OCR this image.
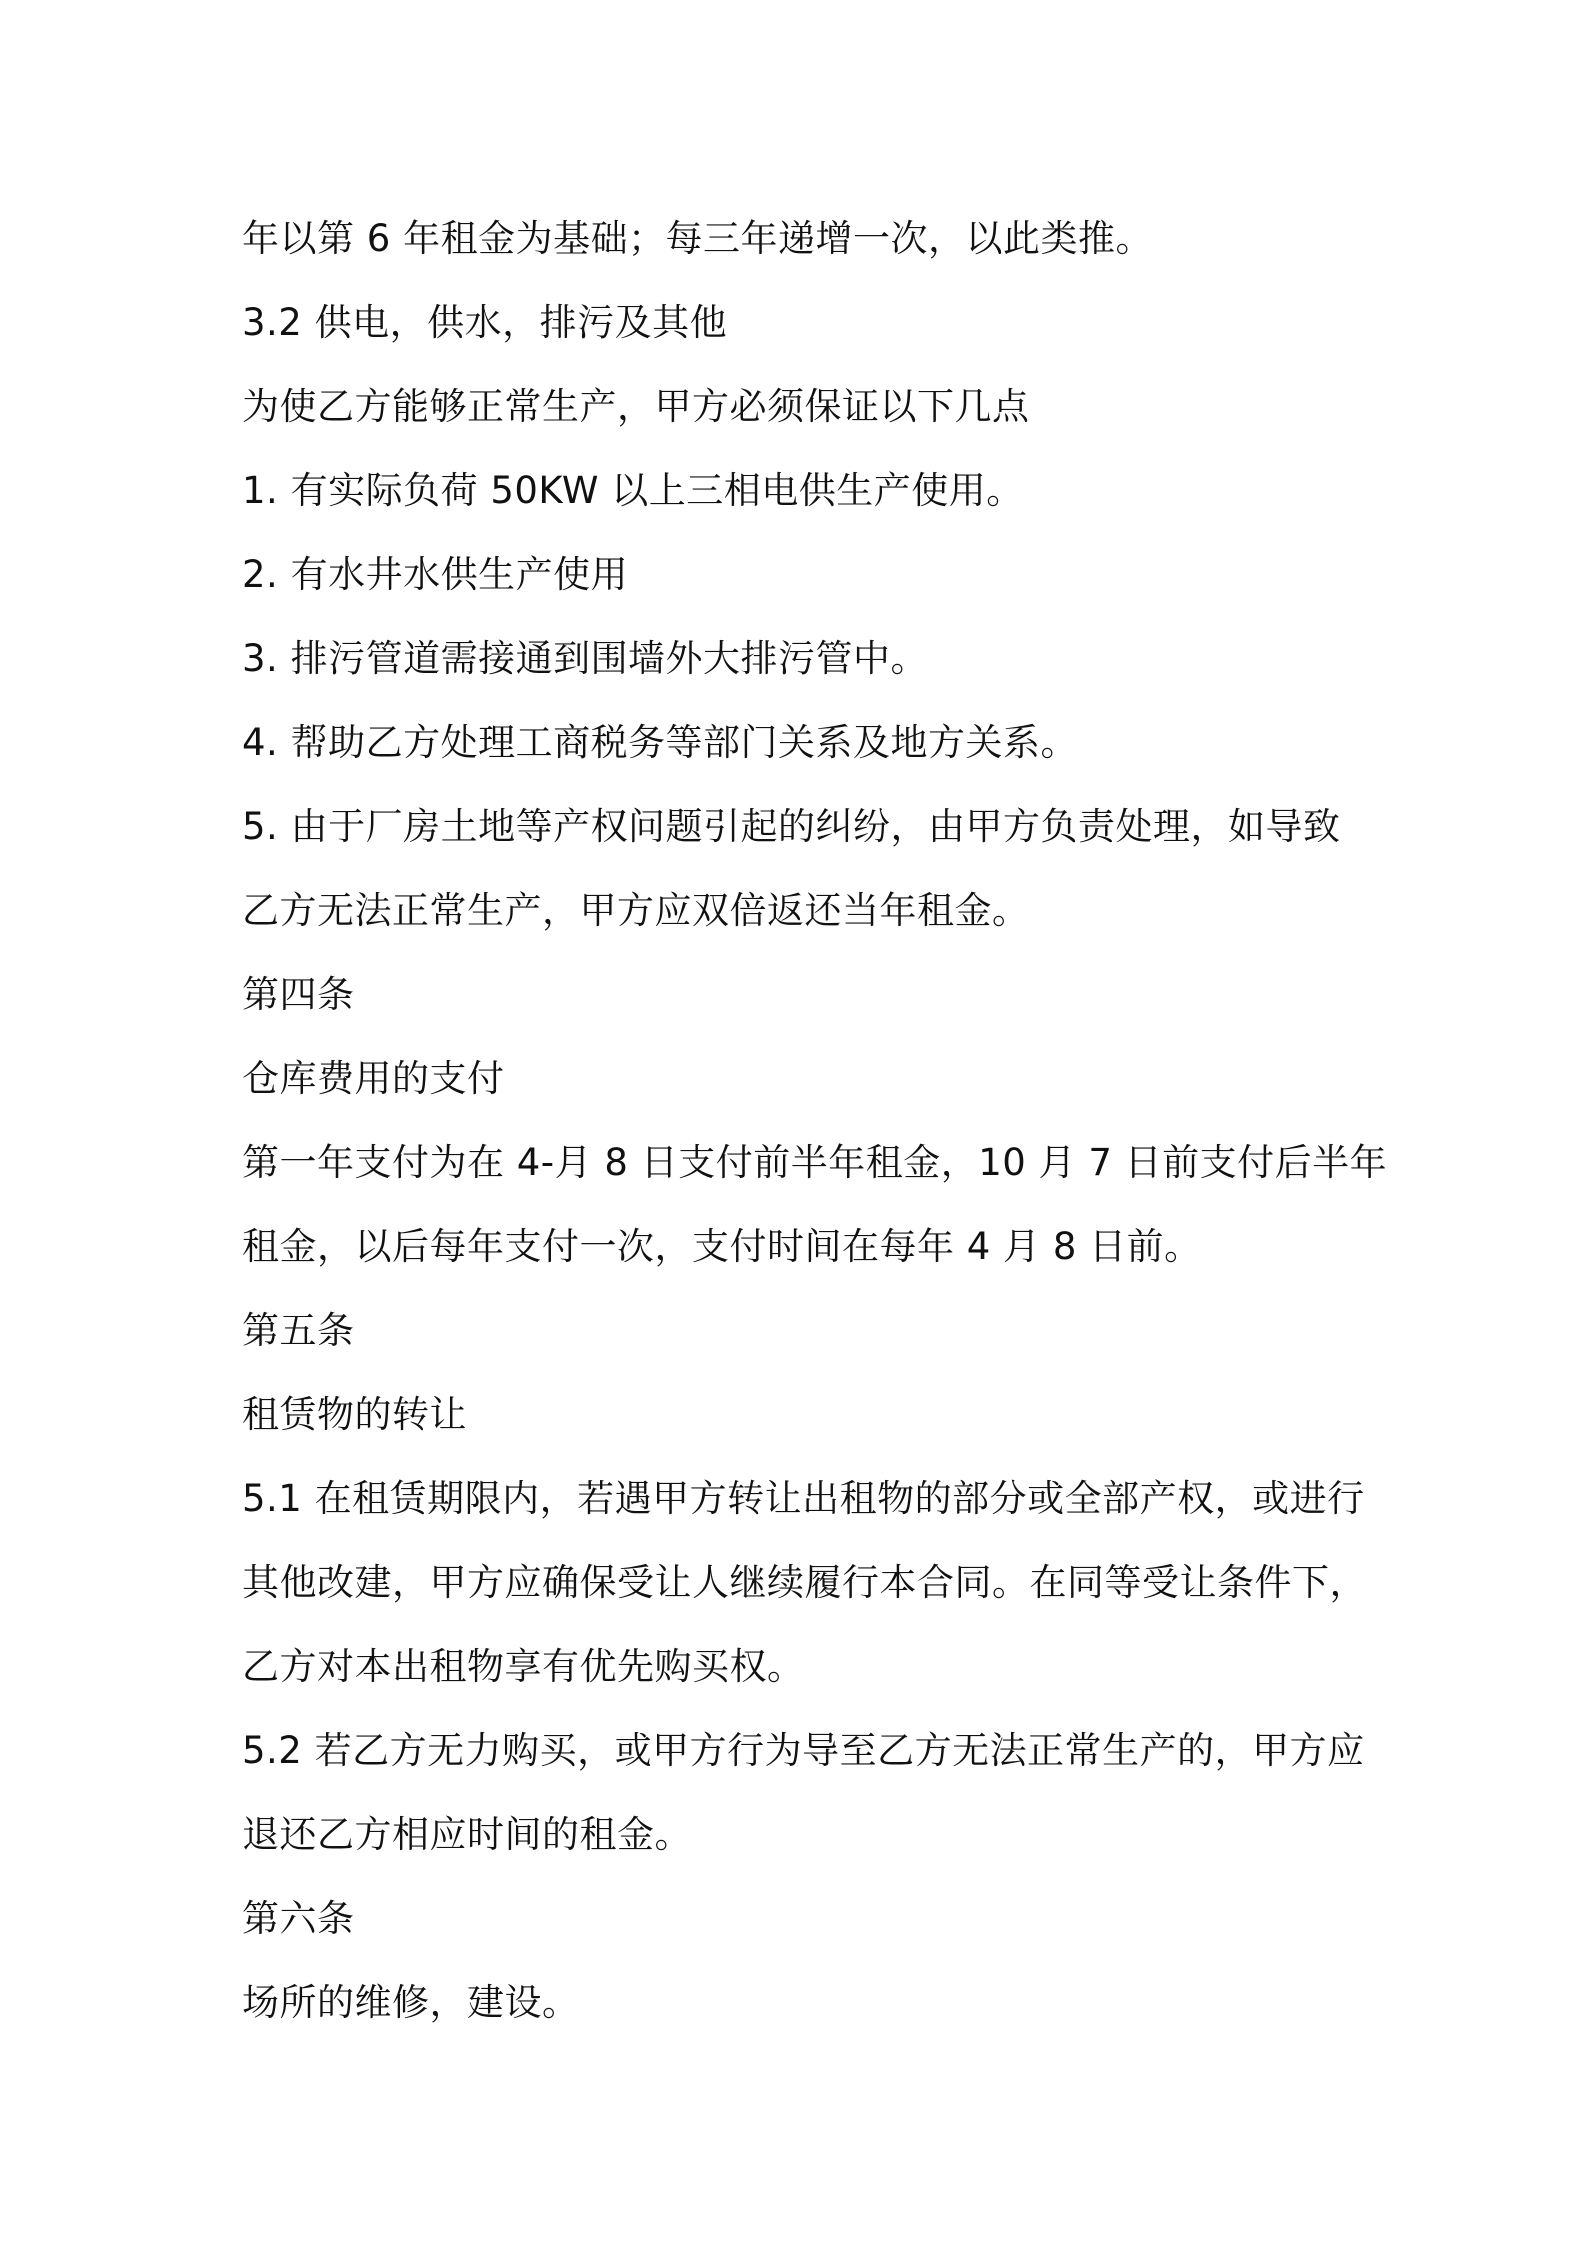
年以第 6 年租金为基础；每三年递增一次，以此类推。

3.2 供电，供水，排污及其他

为使乙方能够正常生产，甲方必须保证以下几点

1. 有实际负荷 50KW 以上三相电供生产使用。

2. 有水井水供生产使用

3. 排污管道需接通到围墙外大排污管中。

4. 帮助乙方处理工商税务等部门关系及地方关系。

5. 由于厂房土地等产权问题引起的纠纷，由甲方负责处理，如导致

乙方无法正常生产，甲方应双倍返还当年租金。

第四条

仓库费用的支付

第一年支付为在 4-月 8 日支付前半年租金，10 月 7 日前支付后半年

租金，以后每年支付一次，支付时间在每年 4 月 8 日前。

第五条

租赁物的转让

5.1 在租赁期限内，若遇甲方转让出租物的部分或全部产权，或进行

其他改建，甲方应确保受让人继续履行本合同。在同等受让条件下，

乙方对本出租物享有优先购买权。

5.2 若乙方无力购买，或甲方行为导至乙方无法正常生产的，甲方应

退还乙方相应时间的租金。

第六条

场所的维修，建设。
